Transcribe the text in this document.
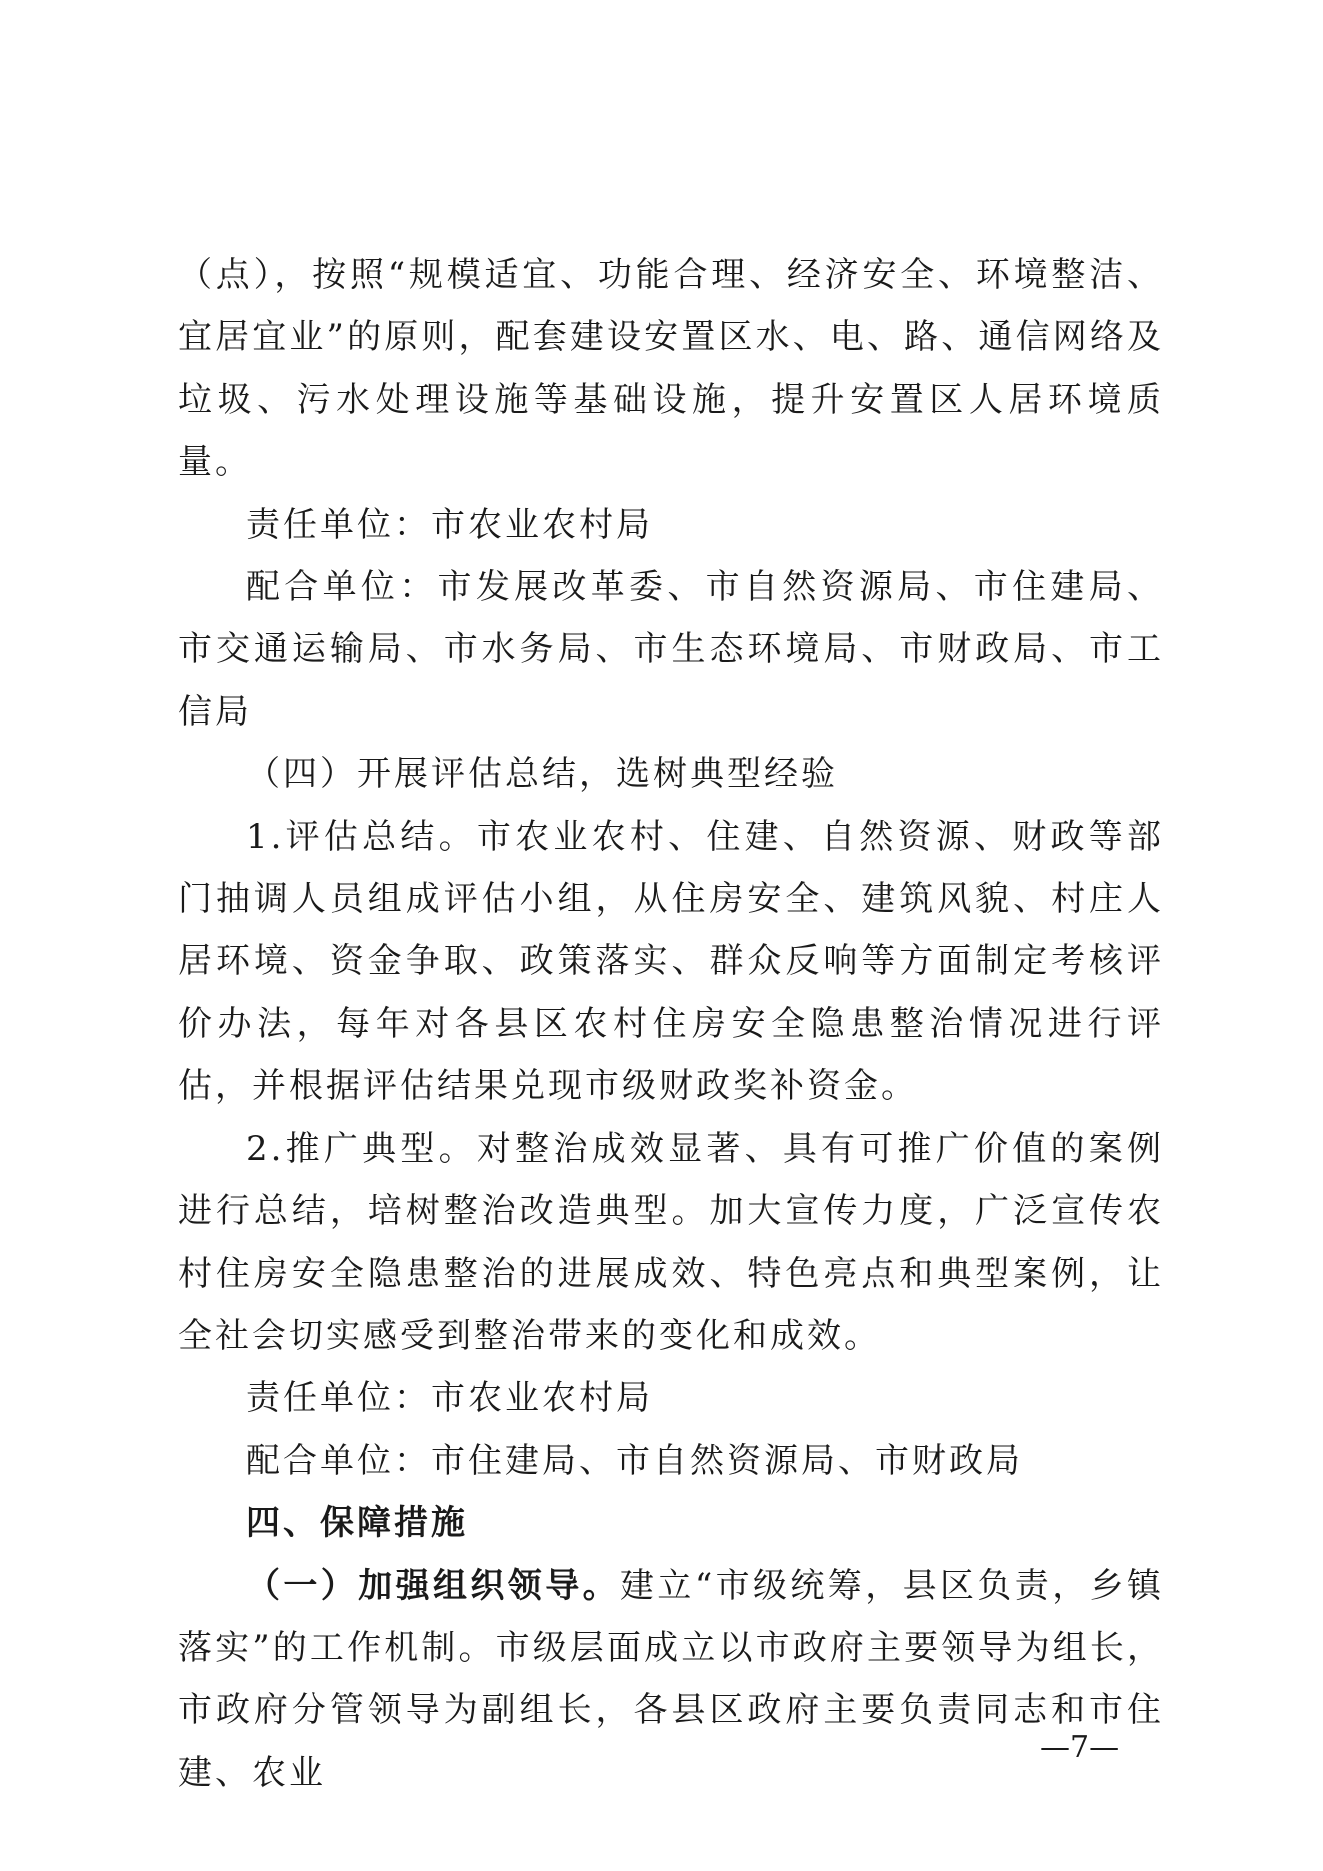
（点），按照“规模适宜、功能合理、经济安全、环境整洁、宜居宜业”的原则，配套建设安置区水、电、路、通信网络及垃圾、污水处理设施等基础设施，提升安置区人居环境质量。

责任单位：市农业农村局

配合单位：市发展改革委、市自然资源局、市住建局、市交通运输局、市水务局、市生态环境局、市财政局、市工信局

（四）开展评估总结，选树典型经验

1.评估总结。市农业农村、住建、自然资源、财政等部门抽调人员组成评估小组，从住房安全、建筑风貌、村庄人居环境、资金争取、政策落实、群众反响等方面制定考核评价办法，每年对各县区农村住房安全隐患整治情况进行评估，并根据评估结果兑现市级财政奖补资金。

2.推广典型。对整治成效显著、具有可推广价值的案例进行总结，培树整治改造典型。加大宣传力度，广泛宣传农村住房安全隐患整治的进展成效、特色亮点和典型案例，让全社会切实感受到整治带来的变化和成效。

责任单位：市农业农村局

配合单位：市住建局、市自然资源局、市财政局

四、保障措施

（一）加强组织领导。建立“市级统筹，县区负责，乡镇落实”的工作机制。市级层面成立以市政府主要领导为组长，市政府分管领导为副组长，各县区政府主要负责同志和市住建、农业

—7—
